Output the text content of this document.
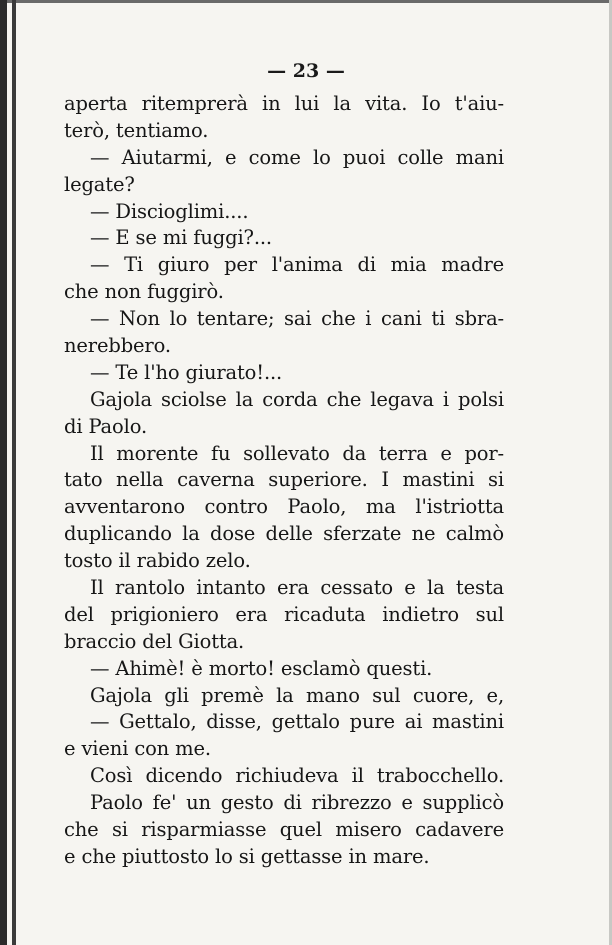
— 23 —

aperta ritemprerà in lui la vita. Io t'aiu-
terò, tentiamo.
— Aiutarmi, e come lo puoi colle mani
legate?
— Discioglimi....
— E se mi fuggi?...
— Ti giuro per l'anima di mia madre
che non fuggirò.
— Non lo tentare; sai che i cani ti sbra-
nerebbero.
— Te l'ho giurato!...
Gajola sciolse la corda che legava i polsi
di Paolo.
Il morente fu sollevato da terra e por-
tato nella caverna superiore. I mastini si
avventarono contro Paolo, ma l'istriotta
duplicando la dose delle sferzate ne calmò
tosto il rabido zelo.
Il rantolo intanto era cessato e la testa
del prigioniero era ricaduta indietro sul
braccio del Giotta.
— Ahimè! è morto! esclamò questi.
Gajola gli premè la mano sul cuore, e,
— Gettalo, disse, gettalo pure ai mastini
e vieni con me.
Così dicendo richiudeva il trabocchello.
Paolo fe' un gesto di ribrezzo e supplicò
che si risparmiasse quel misero cadavere
e che piuttosto lo si gettasse in mare.
